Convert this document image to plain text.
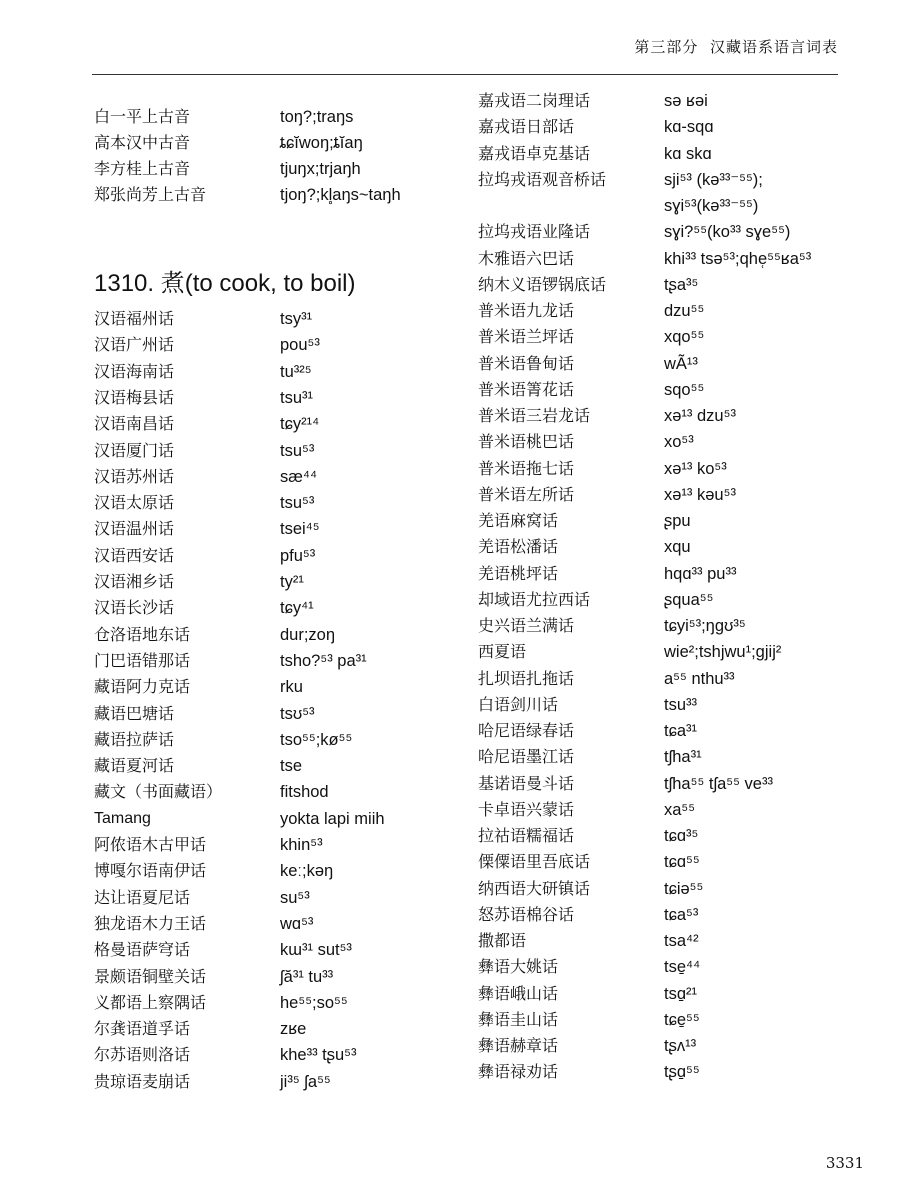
第三部分 汉藏语系语言词表
白一平上古音	toŋ?;traŋs
高本汉中古音	ȶɕĭwoŋ;ȶĭaŋ
李方桂上古音	tjuŋx;trjaŋh
郑张尚芳上古音	tjoŋ?;kl̥aŋs~taŋh
汉语福州话	tsy³¹
汉语广州话	pou⁵³
汉语海南话	tu³²⁵
汉语梅县话	tsu³¹
汉语南昌话	tɕy²¹⁴
汉语厦门话	tsu⁵³
汉语苏州话	sæ⁴⁴
汉语太原话	tsu⁵³
汉语温州话	tsei⁴⁵
汉语西安话	pfu⁵³
汉语湘乡话	ty²¹
汉语长沙话	tɕy⁴¹
仓洛语地东话	dur;zoŋ
门巴语错那话	tsho?⁵³ pa³¹
藏语阿力克话	rku
藏语巴塘话	tsʊ⁵³
藏语拉萨话	tso⁵⁵;kø⁵⁵
藏语夏河话	tse
藏文（书面藏语）	fitshod
Tamang	yokta lapi miih
阿侬语木古甲话	khin⁵³
博嘎尔语南伊话	keː;kəŋ
达让语夏尼话	su⁵³
独龙语木力王话	wɑ⁵³
格曼语萨穹话	kɯ³¹ sut⁵³
景颇语铜壁关话	ʃă³¹ tu³³
义都语上察隅话	he⁵⁵;so⁵⁵
尔龚语道孚话	zʁe
尔苏语则洛话	khe³³ tʂu⁵³
贵琼语麦崩话	ji³⁵ ʃa⁵⁵
1310. 煮(to cook, to boil)
嘉戎语二岗理话	sə ʁəi
嘉戎语日部话	kɑ-sqɑ
嘉戎语卓克基话	kɑ skɑ
拉坞戎语观音桥话	sji⁵³ (kə³³⁻⁵⁵);
sɣi⁵³(kə³³⁻⁵⁵)
拉坞戎语业隆话	sɣi?⁵⁵(ko³³ sɣe⁵⁵)
木雅语六巴话	khi³³ tsə⁵³;qhe̜⁵⁵ʁa⁵³
纳木义语锣锅底话	tʂa³⁵
普米语九龙话	dzu⁵⁵
普米语兰坪话	xqo⁵⁵
普米语鲁甸话	wÃ¹³
普米语箐花话	sqo⁵⁵
普米语三岩龙话	xə¹³ dzu⁵³
普米语桃巴话	xo⁵³
普米语拖七话	xə¹³ ko⁵³
普米语左所话	xə¹³ kəu⁵³
羌语麻窝话	ʂpu
羌语松潘话	xqu
羌语桃坪话	hqɑ³³ pu³³
却域语尤拉西话	ʂqua⁵⁵
史兴语兰满话	tɕyi⁵³;ŋgʊ³⁵
西夏语	wie²;tshjwu¹;gjij²
扎坝语扎拖话	a⁵⁵ nthu³³
白语剑川话	tsu³³
哈尼语绿春话	tɕa³¹
哈尼语墨江话	tʃha³¹
基诺语曼斗话	tʃha⁵⁵ tʃa⁵⁵ ve³³
卡卓语兴蒙话	xa⁵⁵
拉祜语糯福话	tɕɑ³⁵
傈僳语里吾底话	tɕɑ⁵⁵
纳西语大研镇话	tɕiə⁵⁵
怒苏语棉谷话	tɕa⁵³
撒都语	tsa⁴²
彝语大姚话	tse̱⁴⁴
彝语峨山话	tsɑ̱²¹
彝语圭山话	tɕe̱⁵⁵
彝语赫章话	tʂʌ¹³
彝语禄劝话	tʂɑ̱⁵⁵
3331
